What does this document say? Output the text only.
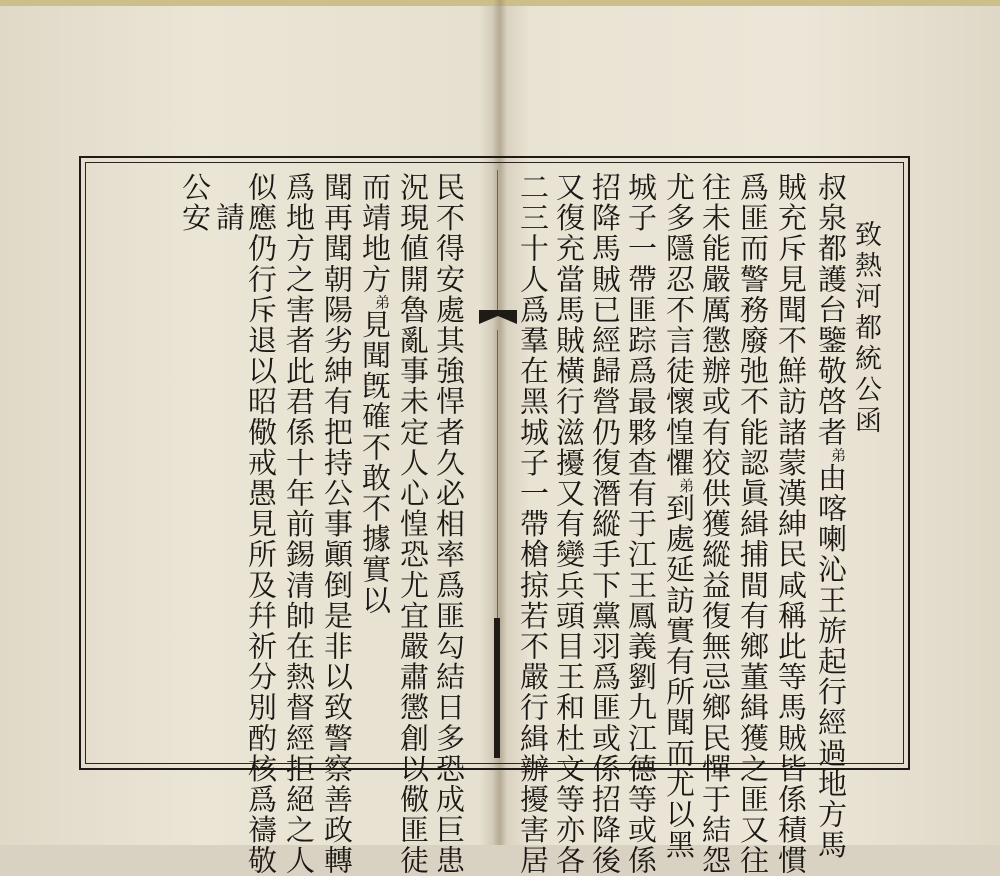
致熱河都統公函
叔泉都護台鑒敬啓者$^弟$由喀喇沁王旂起行經過地方馬
賊充斥見聞不鮮訪諸蒙漢紳民咸稱此等馬賊皆係積慣
爲匪而警務廢弛不能認眞緝捕間有鄉董緝獲之匪又往
往未能嚴厲懲辦或有狡供獲縱益復無忌鄉民憚于結怨
尤多隱忍不言徒懷惶懼$^弟$到處延訪實有所聞而尤以黑
城子一帶匪踪爲最夥查有于江王鳳義劉九江德等或係
招降馬賊已經歸營仍復潛縱手下黨羽爲匪或係招降後
又復充當馬賊橫行滋擾又有變兵頭目王和杜文等亦各
二三十人爲羣在黑城子一帶槍掠若不嚴行緝辦擾害居
民不得安處其強悍者久必相率爲匪勾結日多恐成巨患
況現値開魯亂事未定人心惶恐尤宜嚴肅懲創以儆匪徒
而靖地方$^弟$見聞旣確不敢不據實以
聞再聞朝陽劣紳有把持公事顚倒是非以致警察善政轉
爲地方之害者此君係十年前錫清帥在熱督經拒絕之人
似應仍行斥退以昭儆戒愚見所及幷祈分別酌核爲禱敬
請
公安
